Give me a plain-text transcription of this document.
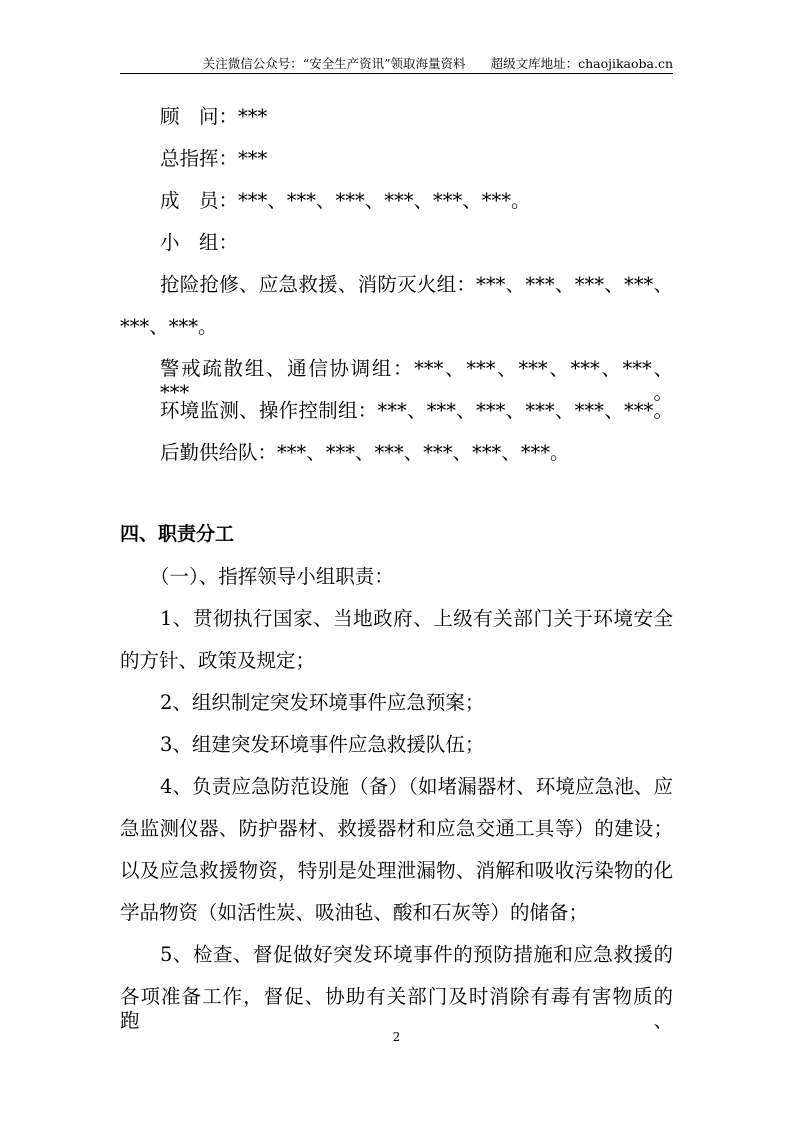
关注微信公众号：“安全生产资讯”领取海量资料　　 超级文库地址：chaojikaoba.cn
顾　问：***
总指挥：***
成　员：***、***、***、***、***、***。
小　组：
抢险抢修、应急救援、消防灭火组：***、***、***、***、
***、***。
警戒疏散组、通信协调组：***、***、***、***、***、***。
环境监测、操作控制组：***、***、***、***、***、***。
后勤供给队：***、***、***、***、***、***。
四、职责分工
（一）、指挥领导小组职责：
1、贯彻执行国家、当地政府、上级有关部门关于环境安全
的方针、政策及规定；
2、组织制定突发环境事件应急预案；
3、组建突发环境事件应急救援队伍；
4、负责应急防范设施（备）（如堵漏器材、环境应急池、应
急监测仪器、防护器材、救援器材和应急交通工具等）的建设；
以及应急救援物资，特别是处理泄漏物、消解和吸收污染物的化
学品物资（如活性炭、吸油毡、酸和石灰等）的储备；
5、检查、督促做好突发环境事件的预防措施和应急救援的
各项准备工作，督促、协助有关部门及时消除有毒有害物质的跑、
2
